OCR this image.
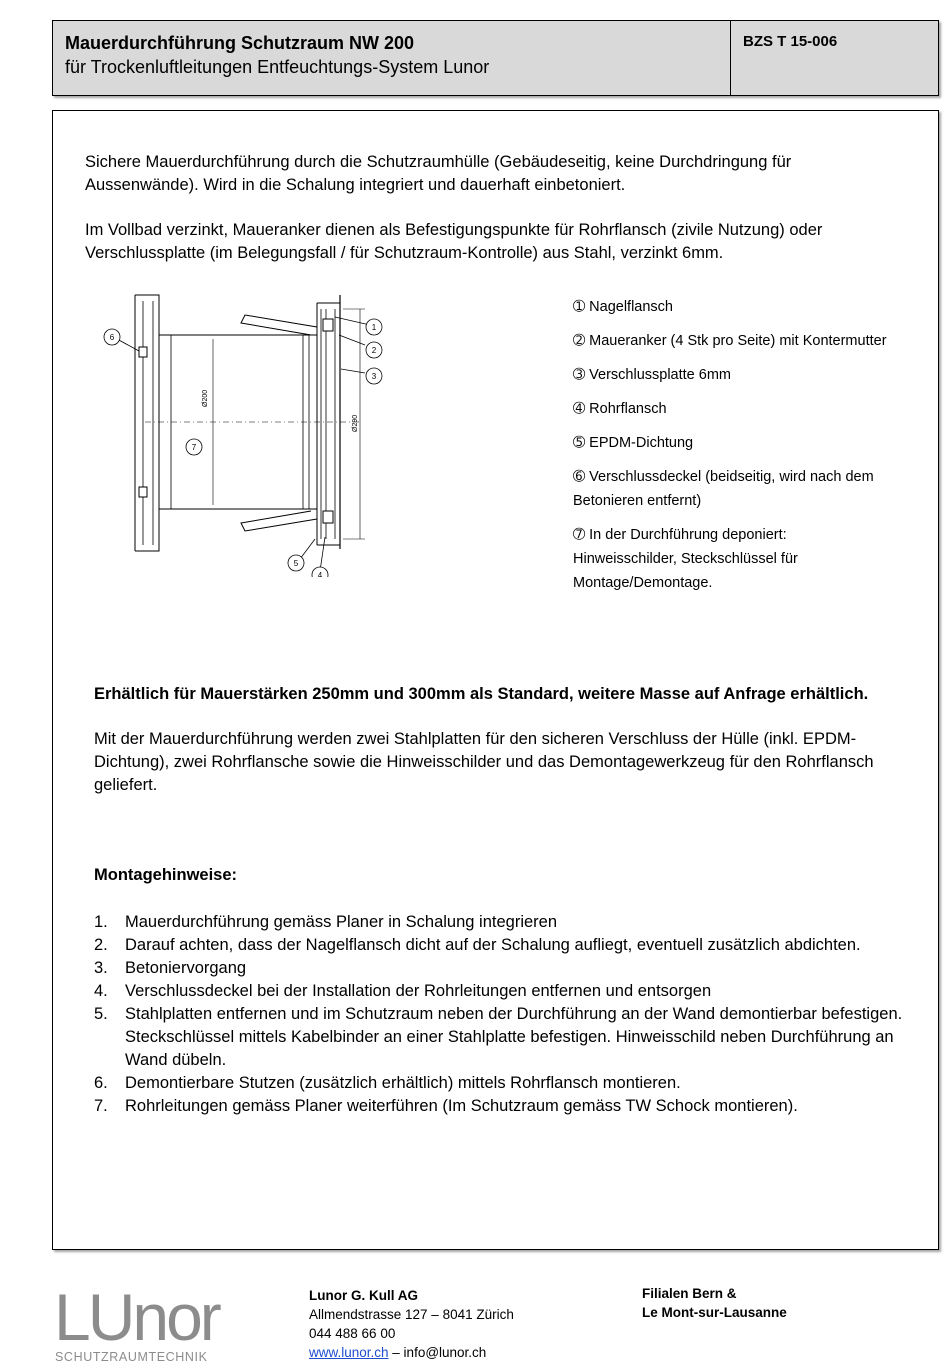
Mauerdurchführung Schutzraum NW 200
für Trockenluftleitungen Entfeuchtungs-System Lunor
BZS T 15-006

Sichere Mauerdurchführung durch die Schutzraumhülle (Gebäudeseitig, keine Durchdringung für Aussenwände). Wird in die Schalung integriert und dauerhaft einbetoniert.

Im Vollbad verzinkt, Maueranker dienen als Befestigungspunkte für Rohrflansch (zivile Nutzung) oder Verschlussplatte (im Belegungsfall / für Schutzraum-Kontrolle) aus Stahl, verzinkt 6mm.

Ø200
Ø290
1
2
3
4
5
6
7
➀ Nagelflansch
➁ Maueranker (4 Stk pro Seite) mit Kontermutter
➂ Verschlussplatte 6mm
➃ Rohrflansch
➄ EPDM-Dichtung
➅ Verschlussdeckel (beidseitig, wird nach dem Betonieren entfernt)
➆ In der Durchführung deponiert: Hinweisschilder, Steckschlüssel für Montage/Demontage.

Erhältlich für Mauerstärken 250mm und 300mm als Standard, weitere Masse auf Anfrage erhältlich.

Mit der Mauerdurchführung werden zwei Stahlplatten für den sicheren Verschluss der Hülle (inkl. EPDM-Dichtung), zwei Rohrflansche sowie die Hinweisschilder und das Demontagewerkzeug für den Rohrflansch geliefert.

Montagehinweise:
1. Mauerdurchführung gemäss Planer in Schalung integrieren
2. Darauf achten, dass der Nagelflansch dicht auf der Schalung aufliegt, eventuell zusätzlich abdichten.
3. Betoniervorgang
4. Verschlussdeckel bei der Installation der Rohrleitungen entfernen und entsorgen
5. Stahlplatten entfernen und im Schutzraum neben der Durchführung an der Wand demontierbar befestigen. Steckschlüssel mittels Kabelbinder an einer Stahlplatte befestigen. Hinweisschild neben Durchführung an Wand dübeln.
6. Demontierbare Stutzen (zusätzlich erhältlich) mittels Rohrflansch montieren.
7. Rohrleitungen gemäss Planer weiterführen (Im Schutzraum gemäss TW Schock montieren).
LUnor
SCHUTZRAUMTECHNIK
Lunor G. Kull AG
Allmendstrasse 127 – 8041 Zürich
044 488 66 00
www.lunor.ch – info@lunor.ch
Filialen Bern &
Le Mont-sur-Lausanne
